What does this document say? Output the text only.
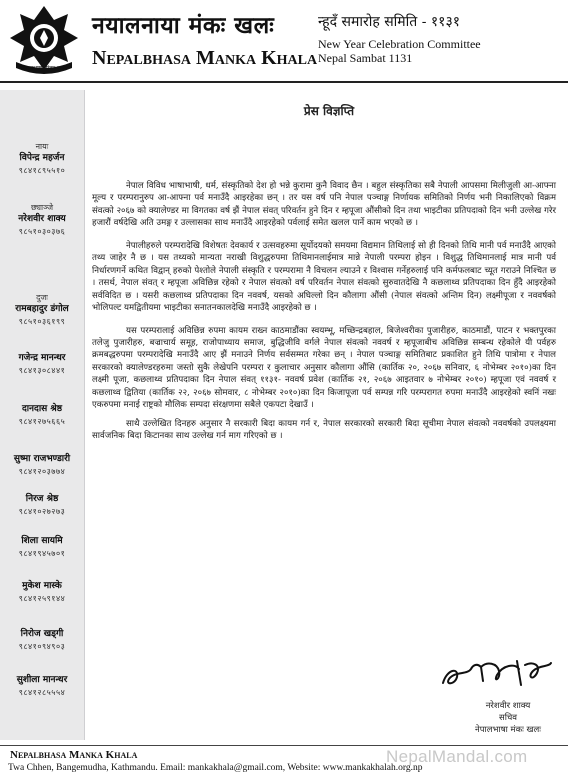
नेपालभाषा मंकः खलः
नयालनाया मंकः खलः
Nepalbhasa Manka Khala
न्हूदँ समारोह समिति - ११३१
New Year Celebration Committee
Nepal Sambat 1131
नायः
विपेन्द्र महर्जन
९८४१८९५५१०
छ्याञ्जे
नरेशवीर शाक्य
९८५१०३०३७६
दुजः
रामबहादुर डंगोल
९८५१०३६१९९
गजेन्द्र मानन्धर
९८४१३०८४४१
दानदास श्रेष्ठ
९८४१२७५६६५
सुष्मा राजभण्डारी
९८४१२०३७७४
निरज श्रेष्ठ
९८४१०२७२७३
शिला सायमि
९८४१९४५७०१
मुकेश मास्के
९८४१२५९१४४
निरोज खड्गी
९८४१०९४९०३
सुशीला मानन्धर
९८४१२८५५५४
प्रेस विज्ञप्ति

नेपाल विविध भाषाभाषी, धर्म, संस्कृतिको देश हो भन्ने कुरामा कुनै विवाद छैन । बहुल संस्कृतिका सबै नेपाली आपसमा मिलीजुली आ-आफ्ना मूल्य र परम्परानुरुप आ-आफ्ना पर्व मनाउँदै आइरहेका छन् । तर यस वर्ष पनि नेपाल पञ्चाङ्ग निर्णायक समितिको निर्णय भनी निकालिएको विक्रम संवत्को २०६७ को क्यालेण्डर मा विगतका वर्ष झैं नेपाल संवत् परिवर्तन हुने दिन र म्हपूजा औंसीको दिन तथा भाइटीका प्रतिपदाको दिन भनी उल्लेख गरेर हजारौं वर्षदेखि अति उमङ्ग र उल्लासका साथ मनाउँदै आइरहेको पर्वलाई समेत खलल पार्ने काम भएको छ ।

नेपालीहरुले परम्परादेखि विशेषतः देवकार्य र उत्सवहरुमा सूर्योदयको समयमा विद्यमान तिथिलाई सो ही दिनको तिथि मानी पर्व मनाउँदै आएको तथ्य जाहेर नै छ । यस तथ्यको मान्यता नराखी विशुद्धरुपमा तिथिमानलाईमात्र मान्ने नेपाली परम्परा होइन । विशुद्ध तिथिमानलाई मात्र मानी पर्व निर्धारणगर्ने कथित विद्वान् हरुको पेश्तोले नेपाली संस्कृति र परम्परामा नै विचलन ल्याउने र विश्वास गर्नेहरुलाई पनि कर्मफलबाट च्यूत गराउने निश्चित छ । तसर्थ, नेपाल संवत् र म्हपूजा अविछिन्न रहेको र नेपाल संवत्को वर्ष परिवर्तन नेपाल संवत्को सुरुवातदेखि नै कछलाथ्व प्रतिपदाका दिन हुँदै आइरहेको सर्वविदित छ । यसरी कछलाथ्व प्रतिपदाका दिन नववर्ष, यसको अघिल्लो दिन कौलागा औंसी (नेपाल संवत्को अन्तिम दिन) लक्ष्मीपूजा र नववर्षको भोलिपल्ट यमद्वितीयमा भाइटीका सनातनकालदेखि मनाउँदै आइरहेको छ ।

यस परम्परालाई अविछिन्न रुपमा कायम राख्न काठमाडौंका स्वयम्भू, मच्छिन्द्रबहाल, बिजेश्वरीका पुजारीहरु, काठमाडौं, पाटन र भक्तपुरका तलेजु पुजारीहरु, बज्राचार्य समूह, राजोपाध्याय समाज, बुद्धिजीवि वर्गले नेपाल संवत्को नववर्ष र म्हपूजाबीच अविछिन्न सम्बन्ध रहेकोले यी पर्वहरु क्रमबद्धरुपमा परम्परादेखि मनाउँदै आए झैं मनाउने निर्णय सर्वसम्मत गरेका छन् । नेपाल पञ्चाङ्ग समितिबाट प्रकाशित हुने तिथि पात्रोमा र नेपाल सरकारको क्यालेण्डरहरुमा जस्तो सुकै लेखेपनि परम्परा र कुलाचार अनुसार कौलागा औंसि (कार्तिक २०, २०६७ सनिवार, ६ नोभेम्बर २०१०)का दिन लक्ष्मी पूजा, कछलाथ्व प्रतिपदाका दिन नेपाल संवत् ११३१- नववर्ष प्रवेश (कार्तिक २१, २०६७ आइतवार ७ नोभेम्बर २०१०) म्हपूजा एवं नववर्ष र कछलाथ्व द्वितिया (कार्तिक २२, २०६७ सोमवार, ८ नोभेम्बर २०१०)का दिन किजापूजा पर्व सम्पन्न गरि परम्परागत रुपमा मनाउँदै आइरहेको स्वनिं नखः एकरुपमा मनाई राष्ट्रको मौलिक सम्पदा संरक्षणमा सबैले एकपटा देखाउँ ।

साथै उल्लेखित दिनहरु अनुसार नै सरकारी बिदा कायम गर्न र, नेपाल सरकारको सरकारी बिदा सूचीमा नेपाल संवत्को नववर्षको उपलक्ष्यमा सार्वजनिक बिदा किटानका साथ उल्लेख गर्न माग गरिएको छ ।

नरेशवीर शाक्य
सचिव
नेपालभाषा मंकः खलः
Nepalbhasa Manka Khala
Twa Chhen, Bangemudha, Kathmandu. Email: mankakhala@gmail.com, Website: www.mankakhalah.org.np
NepalMandal.com
